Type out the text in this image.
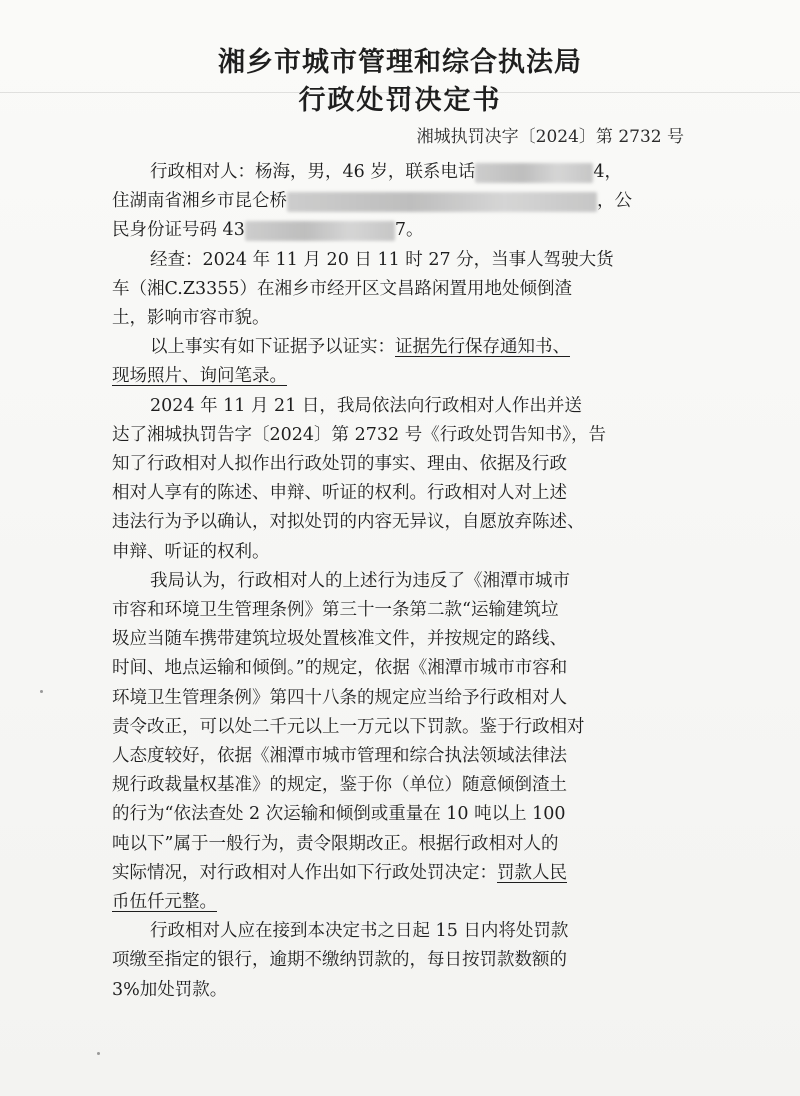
湘乡市城市管理和综合执法局
行政处罚决定书
湘城执罚决字〔2024〕第 2732 号
行政相对人：杨海，男，46 岁，联系电话	4，
住湖南省湘乡市昆仑桥	，公
民身份证号码 43	7。
经查：2024 年 11 月 20 日 11 时 27 分，当事人驾驶大货
车（湘C.Z3355）在湘乡市经开区文昌路闲置用地处倾倒渣
土，影响市容市貌。
以上事实有如下证据予以证实：证据先行保存通知书、
现场照片、询问笔录。
2024 年 11 月 21 日，我局依法向行政相对人作出并送
达了湘城执罚告字〔2024〕第 2732 号《行政处罚告知书》，告
知了行政相对人拟作出行政处罚的事实、理由、依据及行政
相对人享有的陈述、申辩、听证的权利。行政相对人对上述
违法行为予以确认，对拟处罚的内容无异议，自愿放弃陈述、
申辩、听证的权利。
我局认为，行政相对人的上述行为违反了《湘潭市城市
市容和环境卫生管理条例》第三十一条第二款“运输建筑垃
圾应当随车携带建筑垃圾处置核准文件，并按规定的路线、
时间、地点运输和倾倒。”的规定，依据《湘潭市城市市容和
环境卫生管理条例》第四十八条的规定应当给予行政相对人
责令改正，可以处二千元以上一万元以下罚款。鉴于行政相对
人态度较好，依据《湘潭市城市管理和综合执法领域法律法
规行政裁量权基准》的规定，鉴于你（单位）随意倾倒渣土
的行为“依法查处 2 次运输和倾倒或重量在 10 吨以上 100
吨以下”属于一般行为，责令限期改正。根据行政相对人的
实际情况，对行政相对人作出如下行政处罚决定：罚款人民
币伍仟元整。
行政相对人应在接到本决定书之日起 15 日内将处罚款
项缴至指定的银行，逾期不缴纳罚款的，每日按罚款数额的
3%加处罚款。
